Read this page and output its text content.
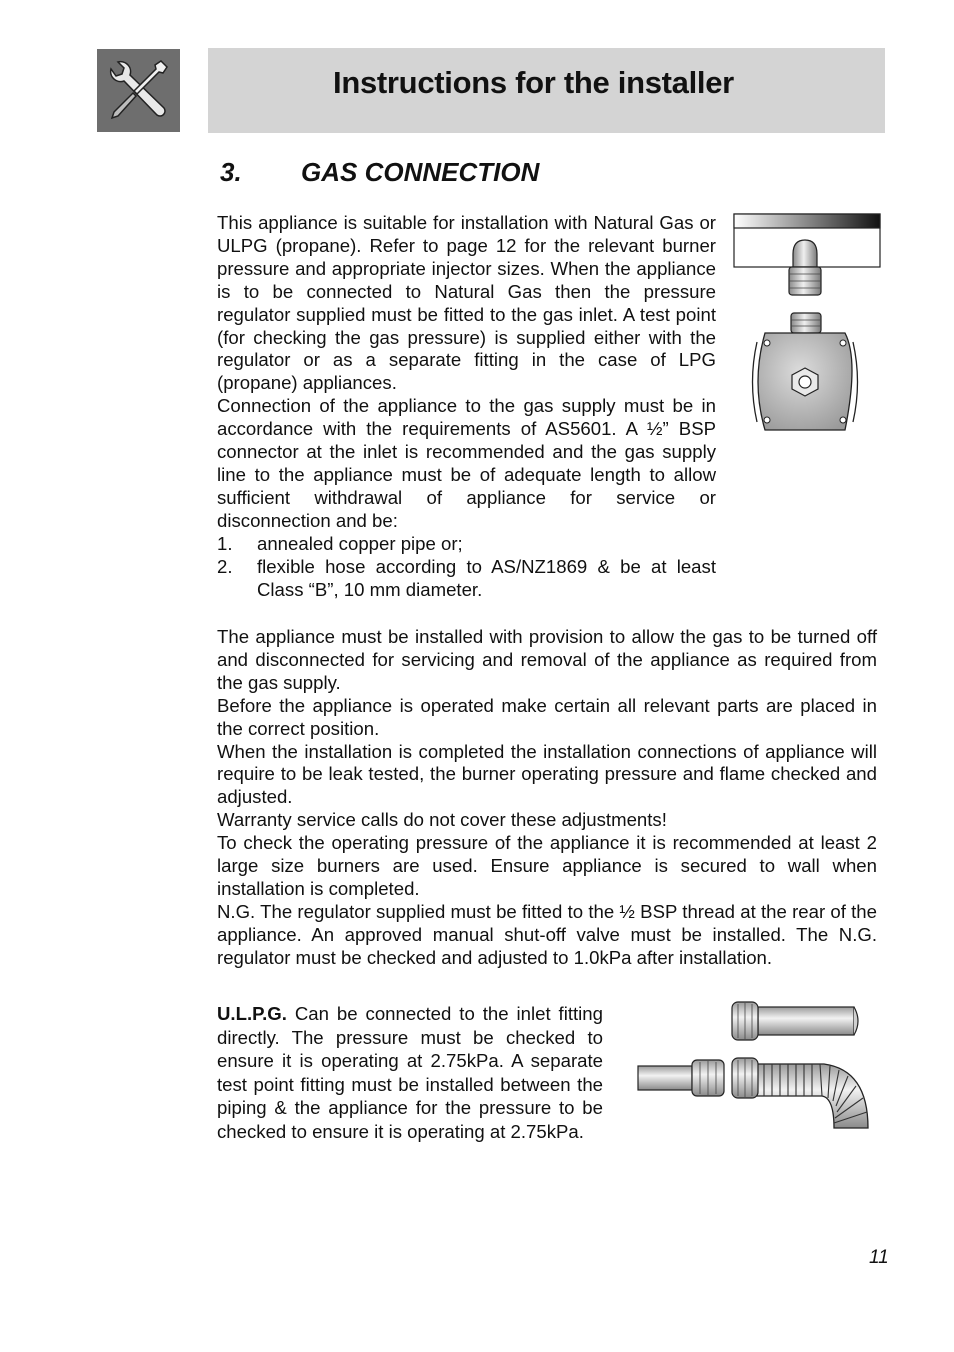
Instructions for the installer
3. GAS CONNECTION

This appliance is suitable for installation with Natural Gas or ULPG (propane). Refer to page 12 for the relevant burner pressure and appropriate injector sizes. When the appliance is to be connected to Natural Gas then the pressure regulator supplied must be fitted to the gas inlet. A test point (for checking the gas pressure) is supplied either with the regulator or as a separate fitting in the case of LPG (propane) appliances.

Connection of the appliance to the gas supply must be in accordance with the requirements of AS5601. A ½” BSP connector at the inlet is recommended and the gas supply line to the appliance must be of adequate length to allow sufficient withdrawal of appliance for service or disconnection and be:

1. annealed copper pipe or;
2. flexible hose according to AS/NZ1869 & be at least Class “B”, 10 mm diameter.

The appliance must be installed with provision to allow the gas to be turned off and disconnected for servicing and removal of the appliance as required from the gas supply.

Before the appliance is operated make certain all relevant parts are placed in the correct position.

When the installation is completed the installation connections of appliance will require to be leak tested, the burner operating pressure and flame checked and adjusted.

Warranty service calls do not cover these adjustments!

To check the operating pressure of the appliance it is recommended at least 2 large size burners are used. Ensure appliance is secured to wall when installation is completed.

N.G. The regulator supplied must be fitted to the ½ BSP thread at the rear of the appliance. An approved manual shut-off valve must be installed. The N.G. regulator must be checked and adjusted to 1.0kPa after installation.

U.L.P.G. Can be connected to the inlet fitting directly. The pressure must be checked to ensure it is operating at 2.75kPa. A separate test point fitting must be installed between the piping & the appliance for the pressure to be checked to ensure it is operating at 2.75kPa.
11
